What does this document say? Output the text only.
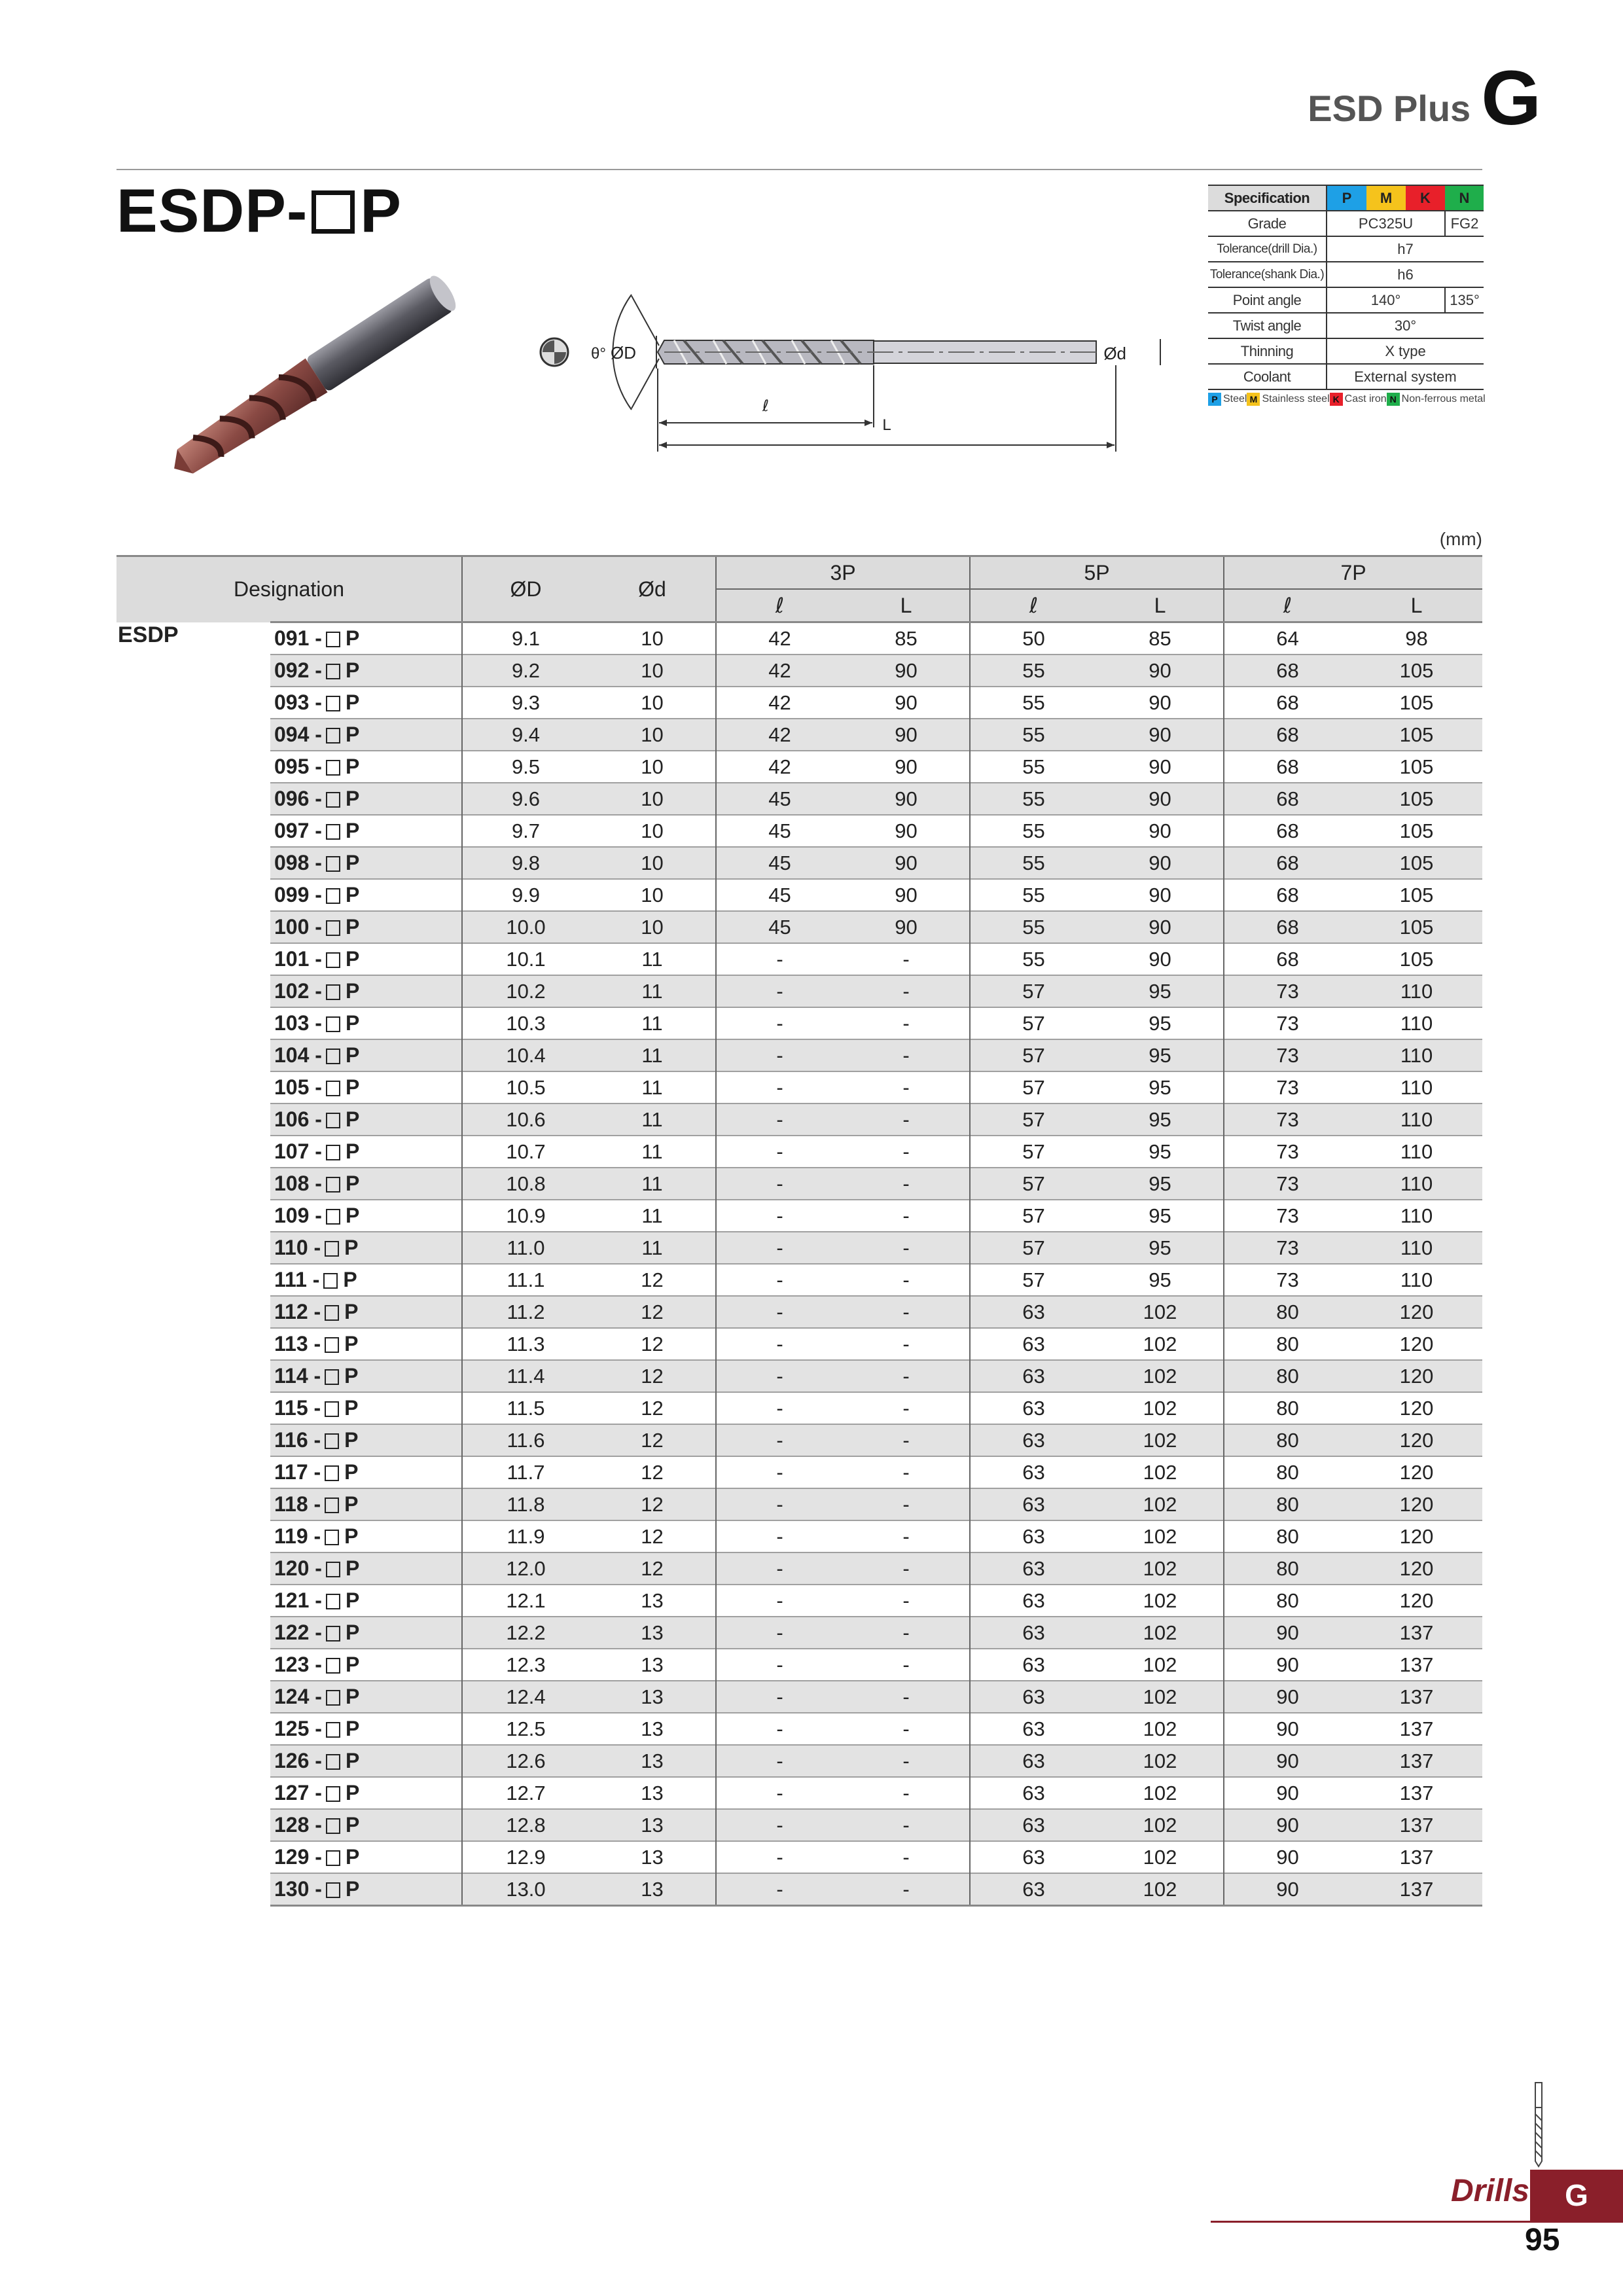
ESD Plus G
ESDP- P
θ° ØD	Ød
ℓ
L
Specification	P	M	K	N
Grade	PC325U			FG2
Tolerance(drill Dia.)	h7			
Tolerance(shank Dia.)	h6			
Point angle	140°			135°
Twist angle	30°			
Thinning	X type			
Coolant	External system			
P Steel M Stainless steel K Cast iron N Non-ferrous metal
(mm)
Designation		ØD	Ød	3P		5P		7P	
				ℓ	L	ℓ	L	ℓ	L
ESDP	091 - P	9.1	10	42	85	50	85	64	98
	092 - P	9.2	10	42	90	55	90	68	105
	093 - P	9.3	10	42	90	55	90	68	105
	094 - P	9.4	10	42	90	55	90	68	105
	095 - P	9.5	10	42	90	55	90	68	105
	096 - P	9.6	10	45	90	55	90	68	105
	097 - P	9.7	10	45	90	55	90	68	105
	098 - P	9.8	10	45	90	55	90	68	105
	099 - P	9.9	10	45	90	55	90	68	105
	100 - P	10.0	10	45	90	55	90	68	105
	101 - P	10.1	11	-	-	55	90	68	105
	102 - P	10.2	11	-	-	57	95	73	110
	103 - P	10.3	11	-	-	57	95	73	110
	104 - P	10.4	11	-	-	57	95	73	110
	105 - P	10.5	11	-	-	57	95	73	110
	106 - P	10.6	11	-	-	57	95	73	110
	107 - P	10.7	11	-	-	57	95	73	110
	108 - P	10.8	11	-	-	57	95	73	110
	109 - P	10.9	11	-	-	57	95	73	110
	110 - P	11.0	11	-	-	57	95	73	110
	111 - P	11.1	12	-	-	57	95	73	110
	112 - P	11.2	12	-	-	63	102	80	120
	113 - P	11.3	12	-	-	63	102	80	120
	114 - P	11.4	12	-	-	63	102	80	120
	115 - P	11.5	12	-	-	63	102	80	120
	116 - P	11.6	12	-	-	63	102	80	120
	117 - P	11.7	12	-	-	63	102	80	120
	118 - P	11.8	12	-	-	63	102	80	120
	119 - P	11.9	12	-	-	63	102	80	120
	120 - P	12.0	12	-	-	63	102	80	120
	121 - P	12.1	13	-	-	63	102	80	120
	122 - P	12.2	13	-	-	63	102	90	137
	123 - P	12.3	13	-	-	63	102	90	137
	124 - P	12.4	13	-	-	63	102	90	137
	125 - P	12.5	13	-	-	63	102	90	137
	126 - P	12.6	13	-	-	63	102	90	137
	127 - P	12.7	13	-	-	63	102	90	137
	128 - P	12.8	13	-	-	63	102	90	137
	129 - P	12.9	13	-	-	63	102	90	137
	130 - P	13.0	13	-	-	63	102	90	137
Drills	G
95
